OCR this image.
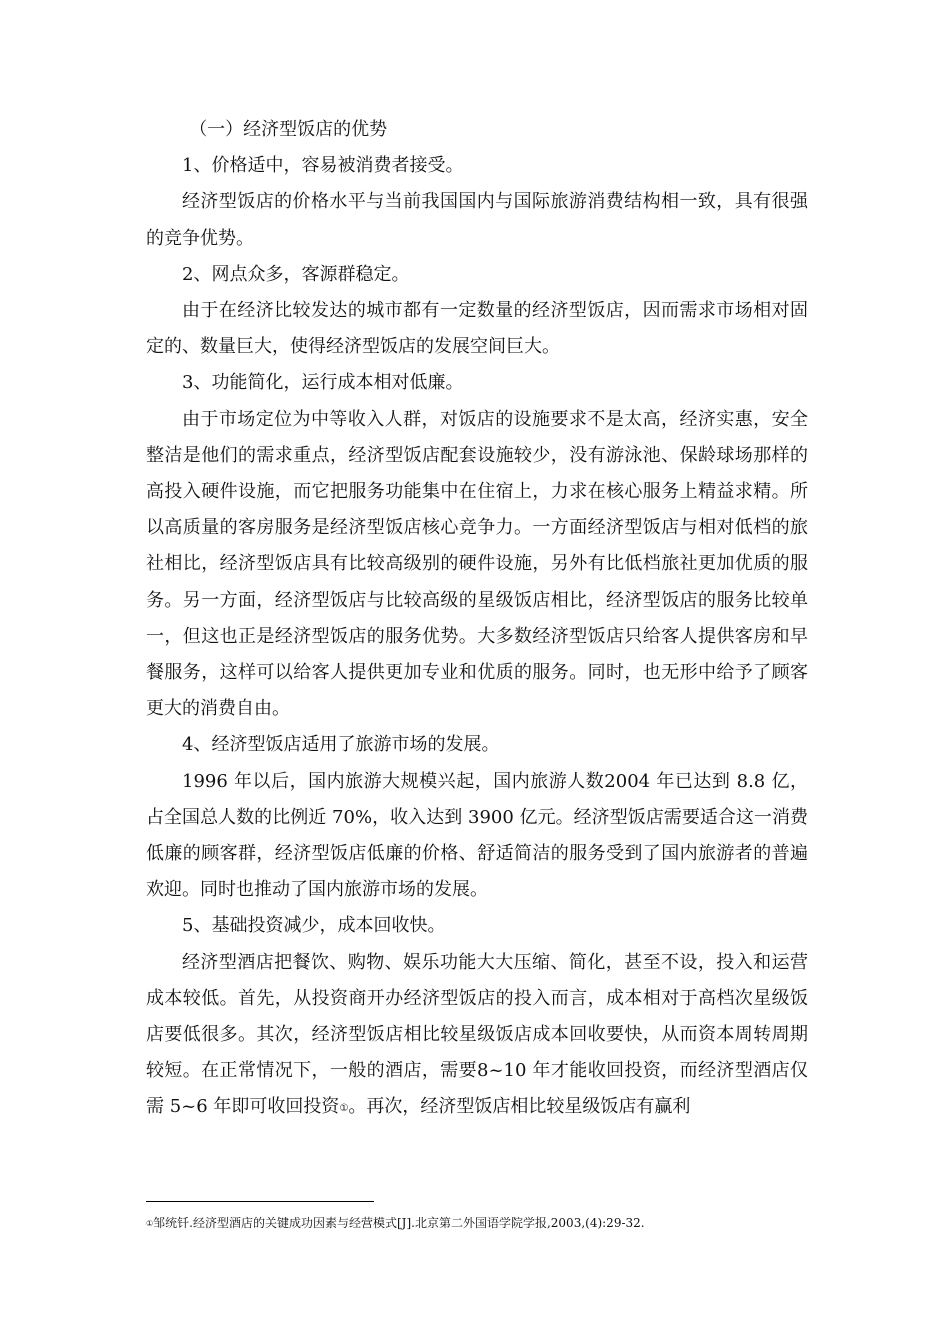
（一）经济型饭店的优势

1、价格适中，容易被消费者接受。

经济型饭店的价格水平与当前我国国内与国际旅游消费结构相一致，具有很强的竞争优势。

2、网点众多，客源群稳定。

由于在经济比较发达的城市都有一定数量的经济型饭店，因而需求市场相对固定的、数量巨大，使得经济型饭店的发展空间巨大。

3、功能简化，运行成本相对低廉。

由于市场定位为中等收入人群，对饭店的设施要求不是太高，经济实惠，安全整洁是他们的需求重点，经济型饭店配套设施较少，没有游泳池、保龄球场那样的高投入硬件设施，而它把服务功能集中在住宿上，力求在核心服务上精益求精。所以高质量的客房服务是经济型饭店核心竞争力。一方面经济型饭店与相对低档的旅社相比，经济型饭店具有比较高级别的硬件设施，另外有比低档旅社更加优质的服务。另一方面，经济型饭店与比较高级的星级饭店相比，经济型饭店的服务比较单一，但这也正是经济型饭店的服务优势。大多数经济型饭店只给客人提供客房和早餐服务，这样可以给客人提供更加专业和优质的服务。同时，也无形中给予了顾客更大的消费自由。

4、经济型饭店适用了旅游市场的发展。

1996 年以后，国内旅游大规模兴起，国内旅游人数2004 年已达到 8.8 亿，占全国总人数的比例近 70%，收入达到 3900 亿元。经济型饭店需要适合这一消费低廉的顾客群，经济型饭店低廉的价格、舒适简洁的服务受到了国内旅游者的普遍欢迎。同时也推动了国内旅游市场的发展。

5、基础投资减少，成本回收快。

经济型酒店把餐饮、购物、娱乐功能大大压缩、简化，甚至不设，投入和运营成本较低。首先，从投资商开办经济型饭店的投入而言，成本相对于高档次星级饭店要低很多。其次，经济型饭店相比较星级饭店成本回收要快，从而资本周转周期较短。在正常情况下，一般的酒店，需要8~10 年才能收回投资，而经济型酒店仅需 5~6 年即可收回投资①。再次，经济型饭店相比较星级饭店有赢利

①邹统钎.经济型酒店的关键成功因素与经营模式[J].北京第二外国语学院学报,2003,(4):29-32.
